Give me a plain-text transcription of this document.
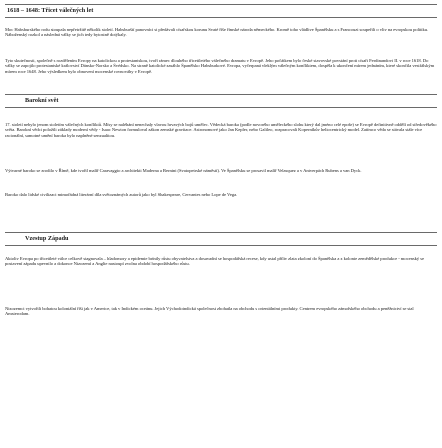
1618 – 1648: Třicet válečných let
Moc Habsburského rodu stoupala nepřetržitě několik století. Habsburští panovníci si předávali císařskou korunu Svaté říše římské národa německého. Kromě toho vládlive Španělsku a s Francouzi soupeřili o vliv na evropskou politiku. Náboženský rozkol a následná války se jich tedy bytostně dotýkaly.
Tyto skutečnosti, společně s rozdělením Evropy na katolickou a protestantskou, tvoří rámec dlouhého třicetiletého válečného dramatu v Evropě. Jeho počátkem bylo české stavovské povstání proti císaři Ferdinandovi II. v roce 1618. Do války se zapojilo protestantské království Dánsko-Norsko a Švédsko. Na straně katolické zasáhlo Španělsko Habsburkové. Evropa, vyčerpaná vleklým válečným konfliktem, dospěla k ukončení mírem jednáním, které skončila vestfálským mírem roce 1648. Jeho výsledkem bylo obnovení mocenské rovnováhy v Evropě.
Barokní svět
17. století nebylo jenom stoletím válečných konfliktů. Mísy se naléhání nenechaly vlavou hrvavých bojů umělec. Vědecká baroka (podle novorého uměleckého slohu který dal jméno celé epoše) se Evropě definitivně oddělí od středověkého světa. Barokní vědci položili základy moderní vědy - Isaac Newton formuloval zákon zemské gravitace. Astronomové jako Jan Kepler, nebo Galileo, rozpracovali Koperníkův heliocentrický model. Zatímco věda se stávala stále více racionální, samotné umění baroka bylo naplněné senzualitou.
Výtvarné baroko se zrodilo v Římě, kde tvořil malíř Caravaggio a architekti Maderna a Bernini (Svatopetrské náměstí). Ve Španělsku se prosavil malíř Velasquez a v Antverpách Rubens a van Dyck.
Baroko dalo lidské civilizaci mimořádná literární díla světoznámých autorů jako byl Shakespeare, Cervantes nebo Lope de Vega.
Vzestup Západu
Aktoliv Evropa po třicetileté válce celkově stagnovala – hladomory a epidemie brínily růstu obyvatelstva a dosavadní se hospodářská recese, kdy ustal příliv zlata zkoloní do Španělska a z kolonie zemědělské produkce - mocenský se postavení západu upevnilo a dokonce Nizozemí a Anglie nastoupí zvolna období hospodářského růstu.
Nizozemci vytvořili bohatou koloniální říši jak v Americe, tak v Indickém oceánu. Jejich Východoindická společnost zbohatla na obchodu s orientálními produkty. Centrem evropského zámořského obchodu a peněžnictví se stal Amsterodam.
